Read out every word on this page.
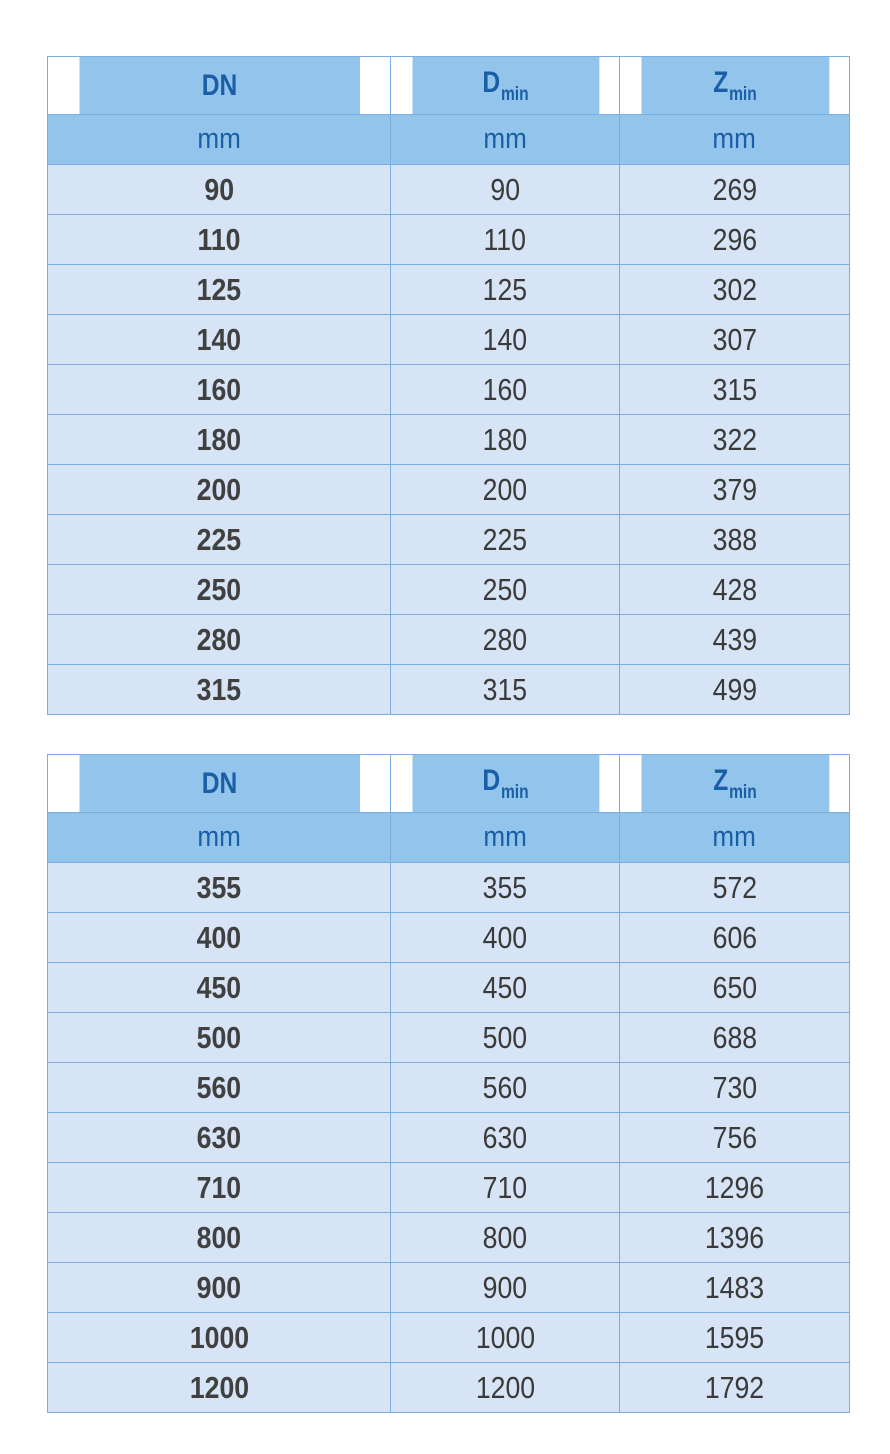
DN	$D_{min}$	$Z_{min}$
mm	mm	mm
90	90	269
110	110	296
125	125	302
140	140	307
160	160	315
180	180	322
200	200	379
225	225	388
250	250	428
280	280	439
315	315	499
DN	$D_{min}$	$Z_{min}$
mm	mm	mm
355	355	572
400	400	606
450	450	650
500	500	688
560	560	730
630	630	756
710	710	1296
800	800	1396
900	900	1483
1000	1000	1595
1200	1200	1792
